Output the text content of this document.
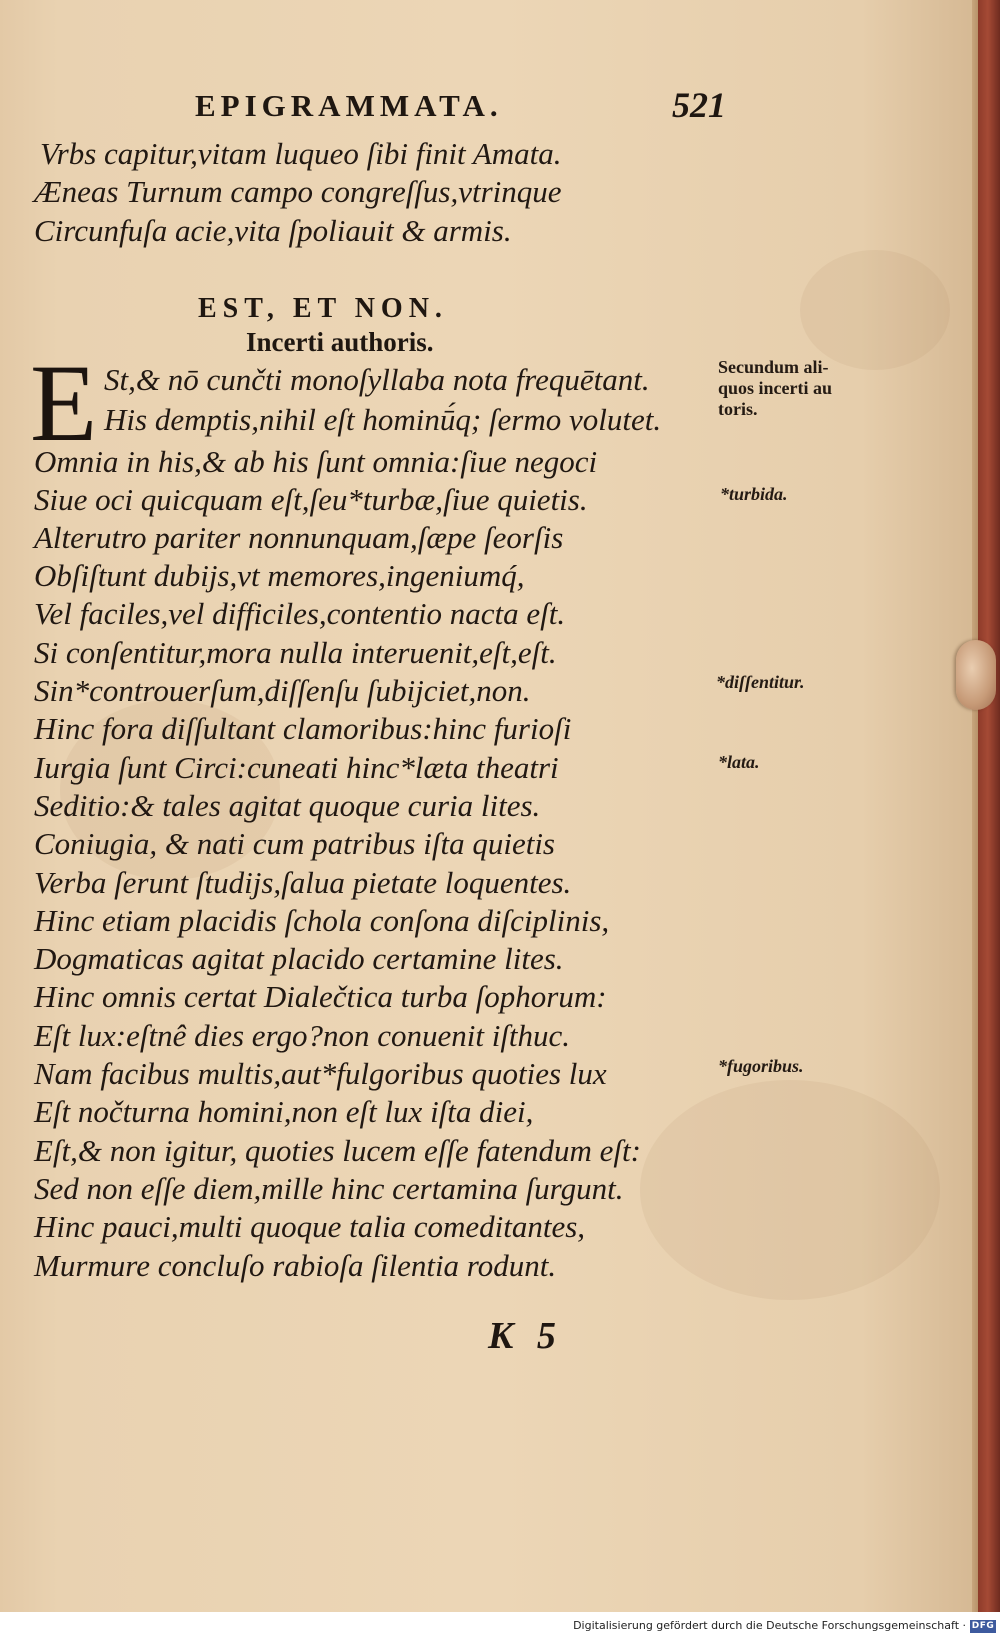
EPIGRAMMATA.	521
Vrbs capitur,vitam luqueo ſibi finit Amata.
Æneas Turnum campo congreſſus,vtrinque
Circunfuſa acie,vita ſpoliauit & armis.
EST, ET NON.
Incerti authoris.
E St,& nō cunčti monoſyllaba nota frequētant.
His demptis,nihil eſt hominū́q; ſermo volutet.
Omnia in his,& ab his ſunt omnia:ſiue negoci
Siue oci quicquam eſt,ſeu*turbæ,ſiue quietis.
Alterutro pariter nonnunquam,ſæpe ſeorſis
Obſiſtunt dubijs,vt memores,ingeniumq́,
Vel faciles,vel difficiles,contentio nacta eſt.
Si conſentitur,mora nulla interuenit,eſt,eſt.
Sin*controuerſum,diſſenſu ſubijciet,non.
Hinc fora diſſultant clamoribus:hinc furioſi
Iurgia ſunt Circi:cuneati hinc*læta theatri
Seditio:& tales agitat quoque curia lites.
Coniugia, & nati cum patribus iſta quietis
Verba ſerunt ſtudijs,ſalua pietate loquentes.
Hinc etiam placidis ſchola conſona diſciplinis,
Dogmaticas agitat placido certamine lites.
Hinc omnis certat Dialečtica turba ſophorum:
Eſt lux:eſtnê dies ergo?non conuenit iſthuc.
Nam facibus multis,aut*fulgoribus quoties lux
Eſt nočturna homini,non eſt lux iſta diei,
Eſt,& non igitur, quoties lucem eſſe fatendum eſt:
Sed non eſſe diem,mille hinc certamina ſurgunt.
Hinc pauci,multi quoque talia comeditantes,
Murmure concluſo rabioſa ſilentia rodunt.
Secundum ali-
quos incerti au
toris.
*turbida.
*diſſentitur.
*lata.
*fugoribus.
K 5
Digitalisierung gefördert durch die Deutsche Forschungsgemeinschaft · DFG
